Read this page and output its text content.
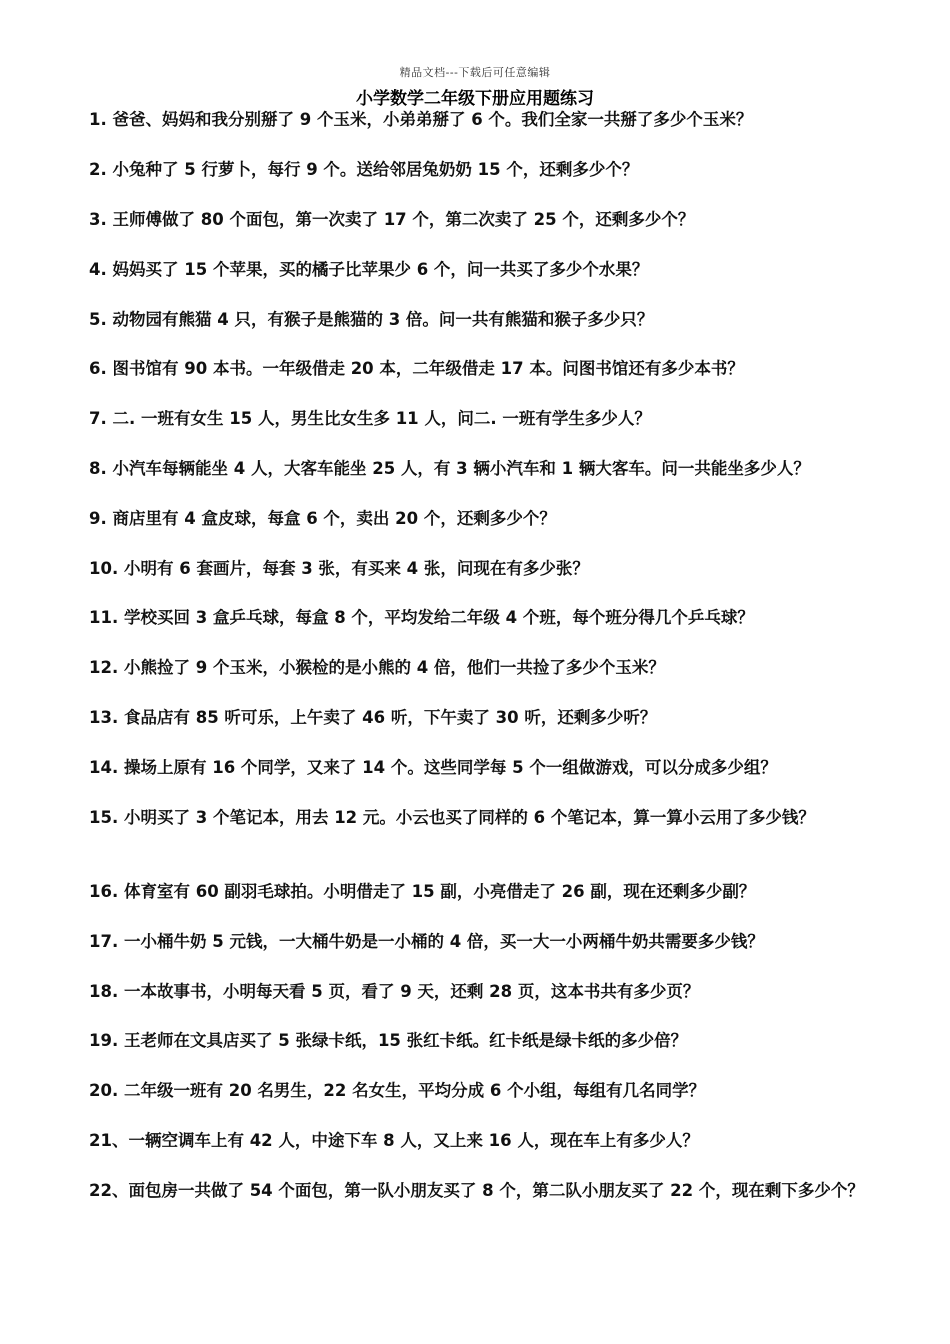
精品文档---下载后可任意编辑
小学数学二年级下册应用题练习
1. 爸爸、妈妈和我分别掰了 9 个玉米，小弟弟掰了 6 个。我们全家一共掰了多少个玉米？
2. 小兔种了 5 行萝卜，每行 9 个。送给邻居兔奶奶 15 个，还剩多少个？
3. 王师傅做了 80 个面包，第一次卖了 17 个，第二次卖了 25 个，还剩多少个？
4. 妈妈买了 15 个苹果，买的橘子比苹果少 6 个，问一共买了多少个水果？
5. 动物园有熊猫 4 只，有猴子是熊猫的 3 倍。问一共有熊猫和猴子多少只？
6. 图书馆有 90 本书。一年级借走 20 本，二年级借走 17 本。问图书馆还有多少本书？
7. 二. 一班有女生 15 人，男生比女生多 11 人，问二. 一班有学生多少人？
8. 小汽车每辆能坐 4 人，大客车能坐 25 人，有 3 辆小汽车和 1 辆大客车。问一共能坐多少人？
9. 商店里有 4 盒皮球，每盒 6 个，卖出 20 个，还剩多少个？
10. 小明有 6 套画片，每套 3 张，有买来 4 张，问现在有多少张？
11. 学校买回 3 盒乒乓球，每盒 8 个，平均发给二年级 4 个班，每个班分得几个乒乓球？
12. 小熊捡了 9 个玉米，小猴检的是小熊的 4 倍，他们一共捡了多少个玉米？
13. 食品店有 85 听可乐，上午卖了 46 听，下午卖了 30 听，还剩多少听？
14. 操场上原有 16 个同学，又来了 14 个。这些同学每 5 个一组做游戏，可以分成多少组？
15. 小明买了 3 个笔记本，用去 12 元。小云也买了同样的 6 个笔记本，算一算小云用了多少钱？
16. 体育室有 60 副羽毛球拍。小明借走了 15 副，小亮借走了 26 副，现在还剩多少副？
17. 一小桶牛奶 5 元钱，一大桶牛奶是一小桶的 4 倍，买一大一小两桶牛奶共需要多少钱？
18. 一本故事书，小明每天看 5 页，看了 9 天，还剩 28 页，这本书共有多少页？
19. 王老师在文具店买了 5 张绿卡纸，15 张红卡纸。红卡纸是绿卡纸的多少倍？
20. 二年级一班有 20 名男生，22 名女生，平均分成 6 个小组，每组有几名同学？
21、一辆空调车上有 42 人，中途下车 8 人，又上来 16 人，现在车上有多少人？
22、面包房一共做了 54 个面包，第一队小朋友买了 8 个，第二队小朋友买了 22 个，现在剩下多少个？
